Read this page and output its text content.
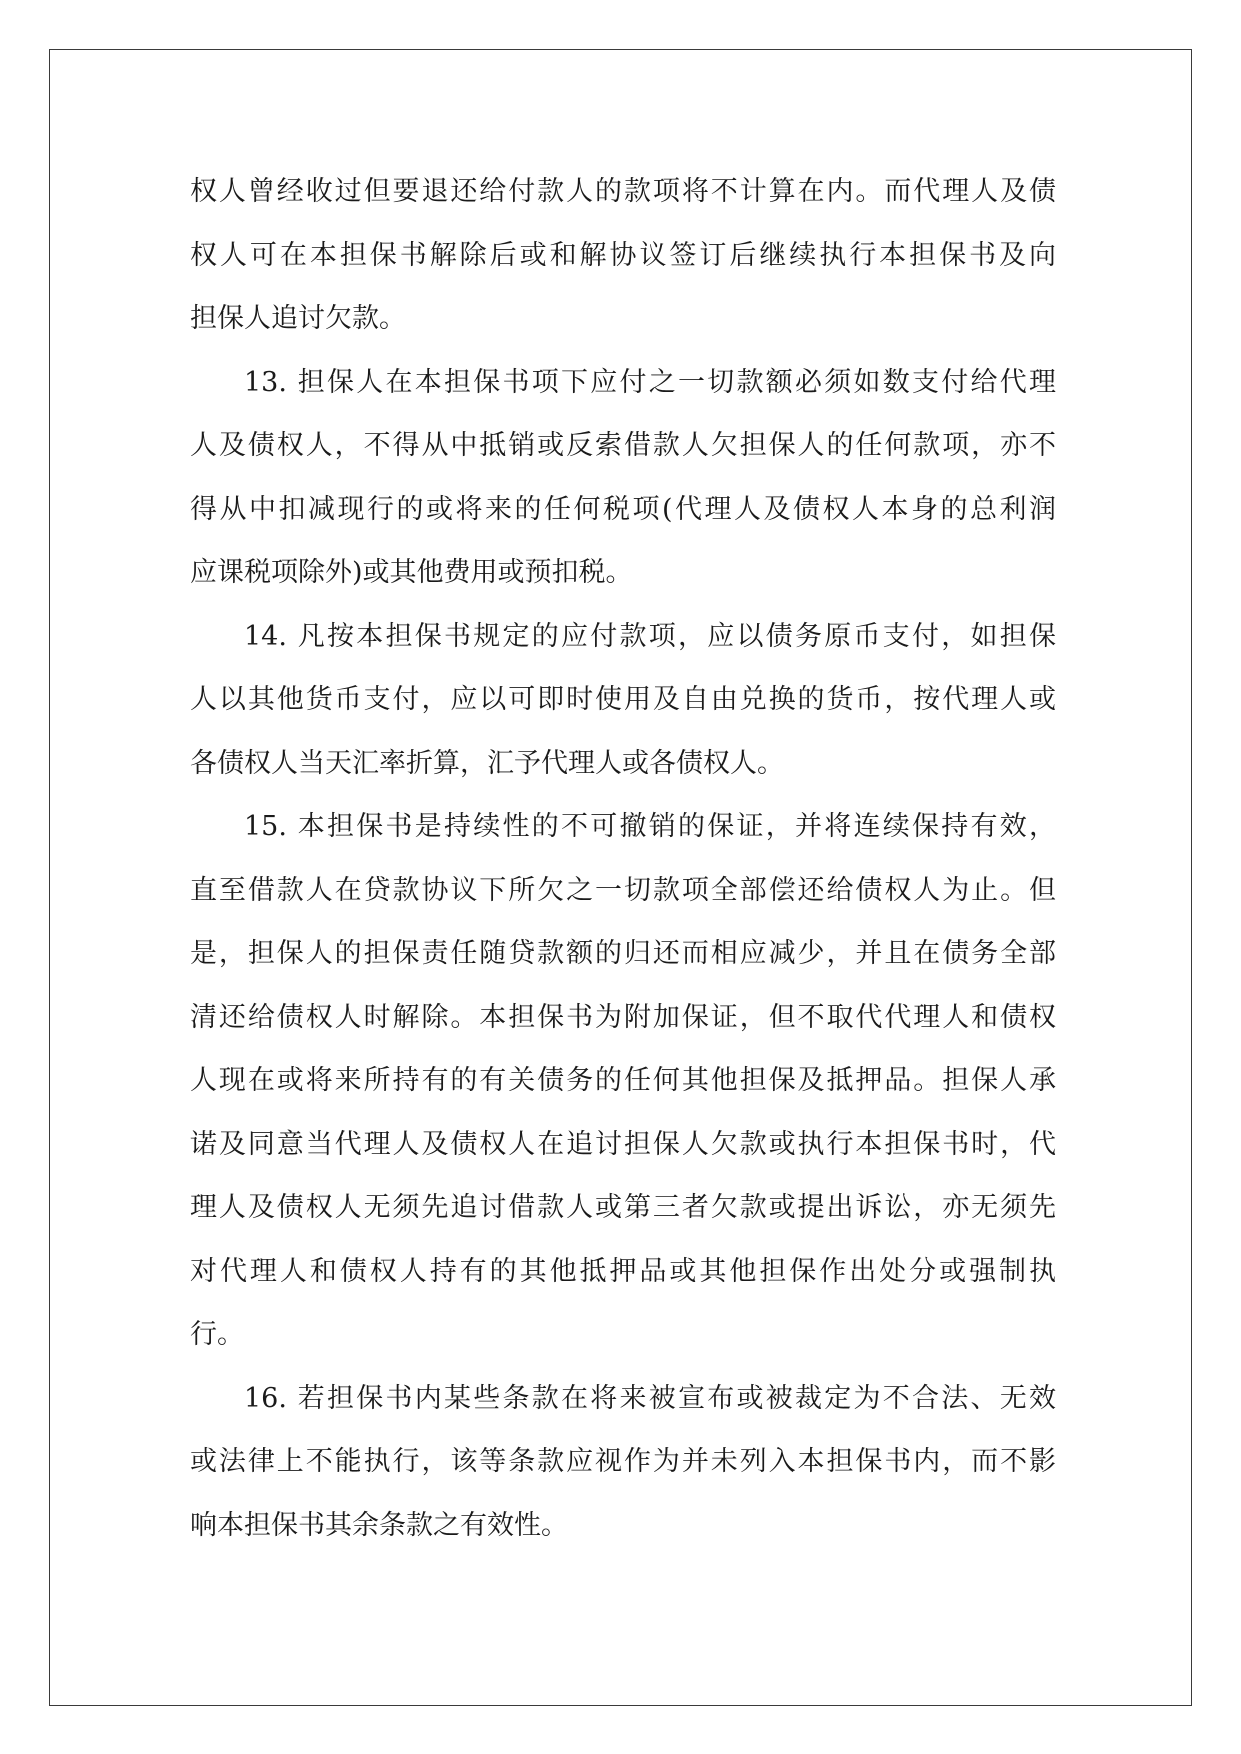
权人曾经收过但要退还给付款人的款项将不计算在内。而代理人及债
权人可在本担保书解除后或和解协议签订后继续执行本担保书及向
担保人追讨欠款。
13. 担保人在本担保书项下应付之一切款额必须如数支付给代理
人及债权人，不得从中抵销或反索借款人欠担保人的任何款项，亦不
得从中扣减现行的或将来的任何税项(代理人及债权人本身的总利润
应课税项除外)或其他费用或预扣税。
14. 凡按本担保书规定的应付款项，应以债务原币支付，如担保
人以其他货币支付，应以可即时使用及自由兑换的货币，按代理人或
各债权人当天汇率折算，汇予代理人或各债权人。
15. 本担保书是持续性的不可撤销的保证，并将连续保持有效，
直至借款人在贷款协议下所欠之一切款项全部偿还给债权人为止。但
是，担保人的担保责任随贷款额的归还而相应减少，并且在债务全部
清还给债权人时解除。本担保书为附加保证，但不取代代理人和债权
人现在或将来所持有的有关债务的任何其他担保及抵押品。担保人承
诺及同意当代理人及债权人在追讨担保人欠款或执行本担保书时，代
理人及债权人无须先追讨借款人或第三者欠款或提出诉讼，亦无须先
对代理人和债权人持有的其他抵押品或其他担保作出处分或强制执
行。
16. 若担保书内某些条款在将来被宣布或被裁定为不合法、无效
或法律上不能执行，该等条款应视作为并未列入本担保书内，而不影
响本担保书其余条款之有效性。
